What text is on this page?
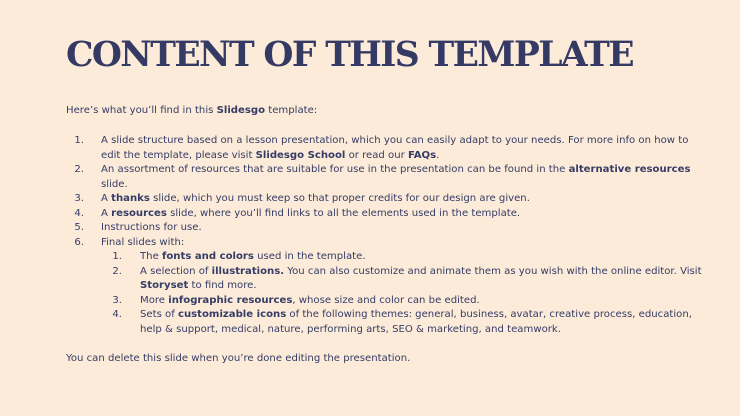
CONTENT OF THIS TEMPLATE
Here’s what you’ll find in this Slidesgo template:
1. A slide structure based on a lesson presentation, which you can easily adapt to your needs. For more info on how to edit the template, please visit Slidesgo School or read our FAQs.
2. An assortment of resources that are suitable for use in the presentation can be found in the alternative resources slide.
3. A thanks slide, which you must keep so that proper credits for our design are given.
4. A resources slide, where you’ll find links to all the elements used in the template.
5. Instructions for use.
6. Final slides with:
1. The fonts and colors used in the template.
2. A selection of illustrations. You can also customize and animate them as you wish with the online editor. Visit Storyset to find more.
3. More infographic resources, whose size and color can be edited.
4. Sets of customizable icons of the following themes: general, business, avatar, creative process, education, help & support, medical, nature, performing arts, SEO & marketing, and teamwork.
You can delete this slide when you’re done editing the presentation.
